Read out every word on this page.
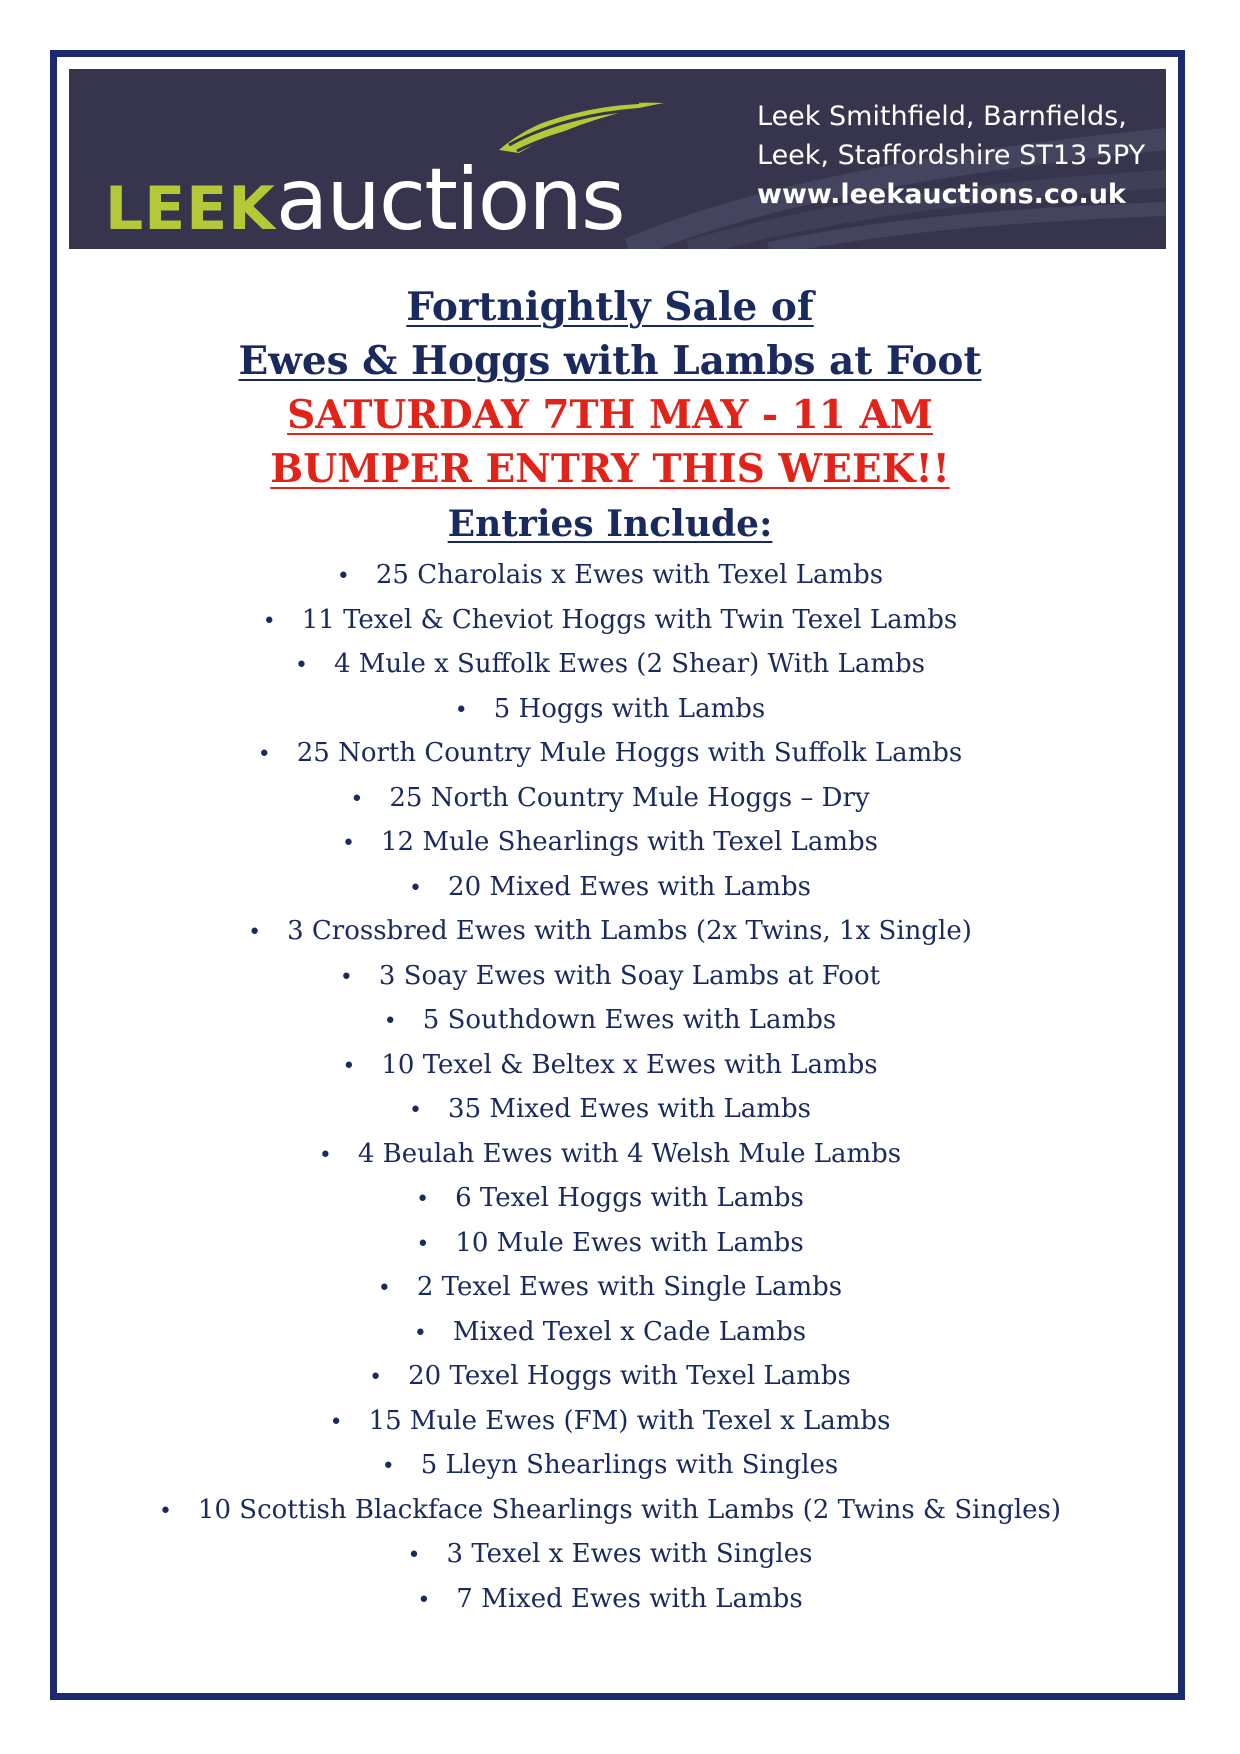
LEEKauctions
Leek Smithfield, Barnfields,
Leek, Staffordshire ST13 5PY
www.leekauctions.co.uk
Fortnightly Sale of
Ewes & Hoggs with Lambs at Foot
SATURDAY 7TH MAY - 11 AM
BUMPER ENTRY THIS WEEK!!
Entries Include:
• 25 Charolais x Ewes with Texel Lambs
• 11 Texel & Cheviot Hoggs with Twin Texel Lambs
• 4 Mule x Suffolk Ewes (2 Shear) With Lambs
• 5 Hoggs with Lambs
• 25 North Country Mule Hoggs with Suffolk Lambs
• 25 North Country Mule Hoggs – Dry
• 12 Mule Shearlings with Texel Lambs
• 20 Mixed Ewes with Lambs
• 3 Crossbred Ewes with Lambs (2x Twins, 1x Single)
• 3 Soay Ewes with Soay Lambs at Foot
• 5 Southdown Ewes with Lambs
• 10 Texel & Beltex x Ewes with Lambs
• 35 Mixed Ewes with Lambs
• 4 Beulah Ewes with 4 Welsh Mule Lambs
• 6 Texel Hoggs with Lambs
• 10 Mule Ewes with Lambs
• 2 Texel Ewes with Single Lambs
• Mixed Texel x Cade Lambs
• 20 Texel Hoggs with Texel Lambs
• 15 Mule Ewes (FM) with Texel x Lambs
• 5 Lleyn Shearlings with Singles
• 10 Scottish Blackface Shearlings with Lambs (2 Twins & Singles)
• 3 Texel x Ewes with Singles
• 7 Mixed Ewes with Lambs
